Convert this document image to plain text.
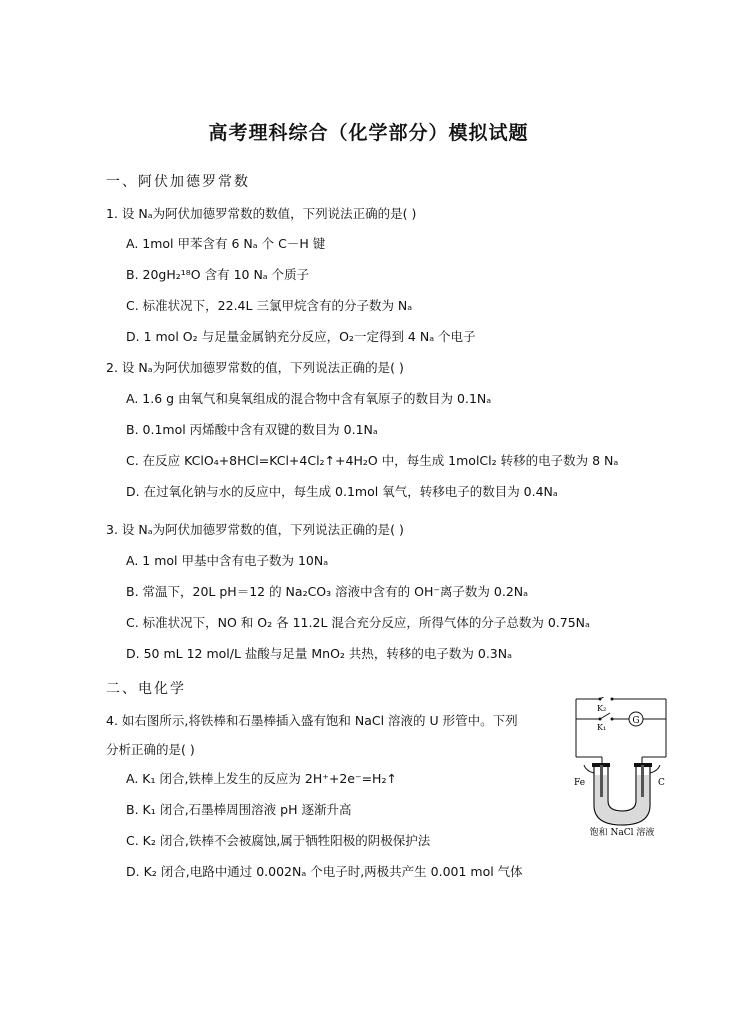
高考理科综合（化学部分）模拟试题
一、阿伏加德罗常数
1. 设 Nₐ为阿伏加德罗常数的数值，下列说法正确的是( )
A. 1mol 甲苯含有 6 Nₐ 个 C－H 键
B. 20gH₂¹⁸O 含有 10 Nₐ 个质子
C. 标准状况下，22.4L 三氯甲烷含有的分子数为 Nₐ
D. 1 mol O₂ 与足量金属钠充分反应，O₂一定得到 4 Nₐ 个电子
2. 设 Nₐ为阿伏加德罗常数的值，下列说法正确的是( )
A. 1.6 g 由氧气和臭氧组成的混合物中含有氧原子的数目为 0.1Nₐ
B. 0.1mol 丙烯酸中含有双键的数目为 0.1Nₐ
C. 在反应 KClO₄+8HCl=KCl+4Cl₂↑+4H₂O 中，每生成 1molCl₂ 转移的电子数为 8 Nₐ
D. 在过氧化钠与水的反应中，每生成 0.1mol 氧气，转移电子的数目为 0.4Nₐ
3. 设 Nₐ为阿伏加德罗常数的值，下列说法正确的是( )
A. 1 mol 甲基中含有电子数为 10Nₐ
B. 常温下，20L pH＝12 的 Na₂CO₃ 溶液中含有的 OH⁻离子数为 0.2Nₐ
C. 标准状况下，NO 和 O₂ 各 11.2L 混合充分反应，所得气体的分子总数为 0.75Nₐ
D. 50 mL 12 mol/L 盐酸与足量 MnO₂ 共热，转移的电子数为 0.3Nₐ
二、电化学
4. 如右图所示,将铁棒和石墨棒插入盛有饱和 NaCl 溶液的 U 形管中。下列
分析正确的是( )
A. K₁ 闭合,铁棒上发生的反应为 2H⁺+2e⁻=H₂↑
B. K₁ 闭合,石墨棒周围溶液 pH 逐渐升高
C. K₂ 闭合,铁棒不会被腐蚀,属于牺牲阳极的阴极保护法
D. K₂ 闭合,电路中通过 0.002Nₐ 个电子时,两极共产生 0.001 mol 气体
G
K₂
K₁
Fe	C
饱和 NaCl 溶液
